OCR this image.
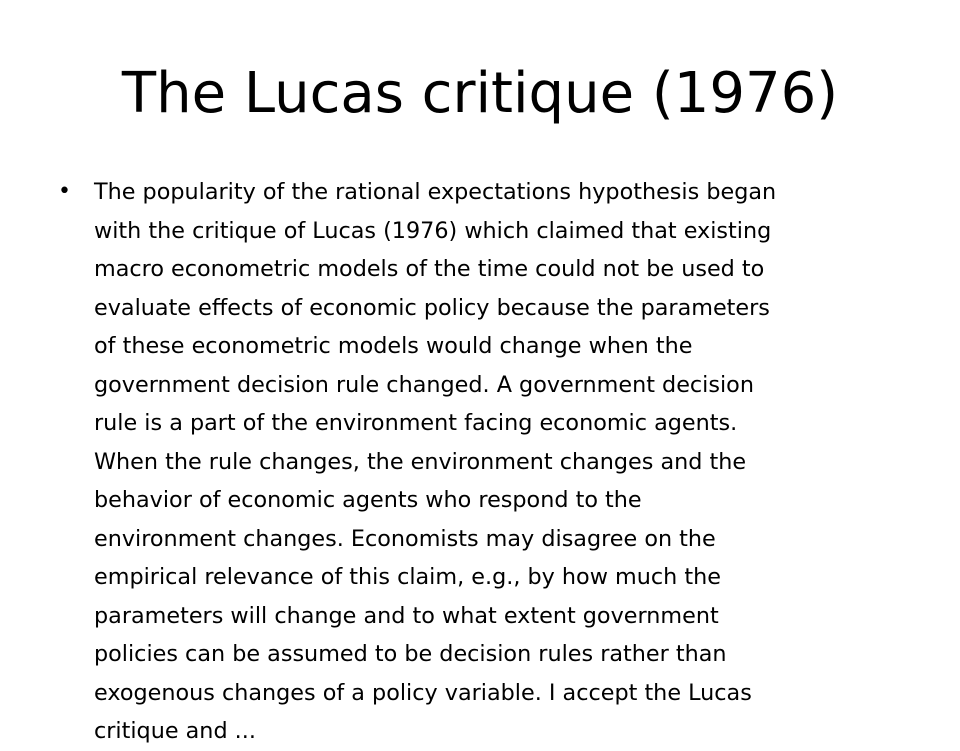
The Lucas critique (1976)
•	The popularity of the rational expectations hypothesis began
with the critique of Lucas (1976) which claimed that existing
macro econometric models of the time could not be used to
evaluate effects of economic policy because the parameters
of these econometric models would change when the
government decision rule changed. A government decision
rule is a part of the environment facing economic agents.
When the rule changes, the environment changes and the
behavior of economic agents who respond to the
environment changes. Economists may disagree on the
empirical relevance of this claim, e.g., by how much the
parameters will change and to what extent government
policies can be assumed to be decision rules rather than
exogenous changes of a policy variable. I accept the Lucas
critique and ...
